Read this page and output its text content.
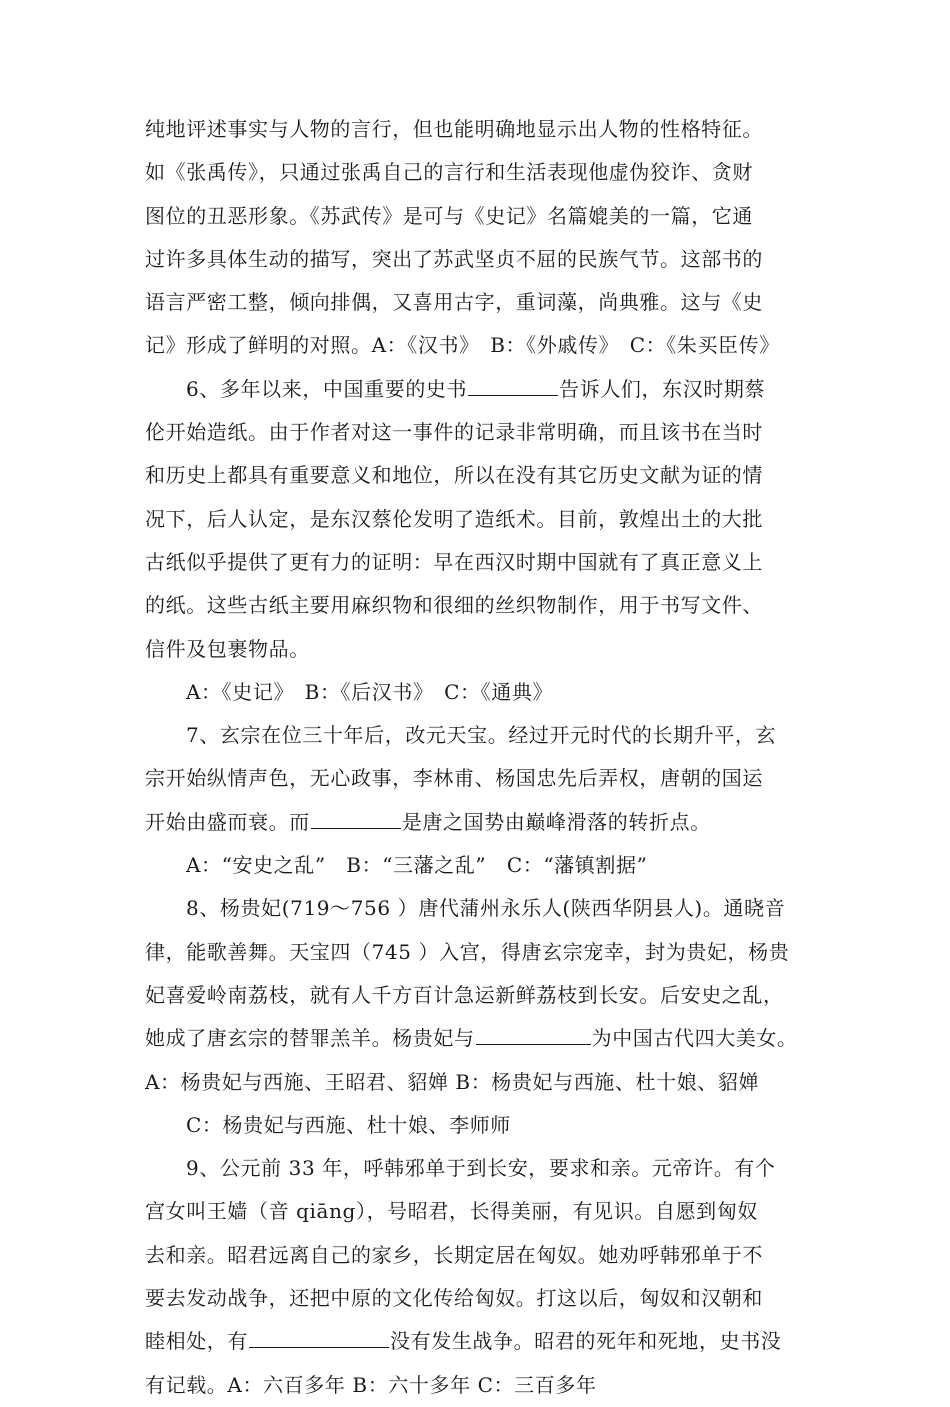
纯地评述事实与人物的言行，但也能明确地显示出人物的性格特征。
如《张禹传》，只通过张禹自己的言行和生活表现他虚伪狡诈、贪财
图位的丑恶形象。《苏武传》是可与《史记》名篇媲美的一篇，它通
过许多具体生动的描写，突出了苏武坚贞不屈的民族气节。这部书的
语言严密工整，倾向排偶，又喜用古字，重词藻，尚典雅。这与《史
记》形成了鲜明的对照。A：《汉书》　B：《外戚传》　C：《朱买臣传》
6、多年以来，中国重要的史书	告诉人们，东汉时期蔡
伦开始造纸。由于作者对这一事件的记录非常明确，而且该书在当时
和历史上都具有重要意义和地位，所以在没有其它历史文献为证的情
况下，后人认定，是东汉蔡伦发明了造纸术。目前，敦煌出土的大批
古纸似乎提供了更有力的证明：早在西汉时期中国就有了真正意义上
的纸。这些古纸主要用麻织物和很细的丝织物制作，用于书写文件、
信件及包裹物品。
A：《史记》　B：《后汉书》　C：《通典》
7、玄宗在位三十年后，改元天宝。经过开元时代的长期升平，玄
宗开始纵情声色，无心政事，李林甫、杨国忠先后弄权，唐朝的国运
开始由盛而衰。而	是唐之国势由巅峰滑落的转折点。
A：“安史之乱”　B：“三藩之乱”　C：“藩镇割据”
8、杨贵妃(719～756 ）唐代蒲州永乐人(陕西华阴县人)。通晓音
律，能歌善舞。天宝四（745 ）入宫，得唐玄宗宠幸，封为贵妃，杨贵
妃喜爱岭南荔枝，就有人千方百计急运新鲜荔枝到长安。后安史之乱，
她成了唐玄宗的替罪羔羊。杨贵妃与	为中国古代四大美女。
A：杨贵妃与西施、王昭君、貂婵 B：杨贵妃与西施、杜十娘、貂婵
C：杨贵妃与西施、杜十娘、李师师
9、公元前 33 年，呼韩邪单于到长安，要求和亲。元帝许。有个
宫女叫王嫱（音 qiāng），号昭君，长得美丽，有见识。自愿到匈奴
去和亲。昭君远离自己的家乡，长期定居在匈奴。她劝呼韩邪单于不
要去发动战争，还把中原的文化传给匈奴。打这以后，匈奴和汉朝和
睦相处，有	没有发生战争。昭君的死年和死地，史书没
有记载。A：六百多年 B：六十多年 C：三百多年
